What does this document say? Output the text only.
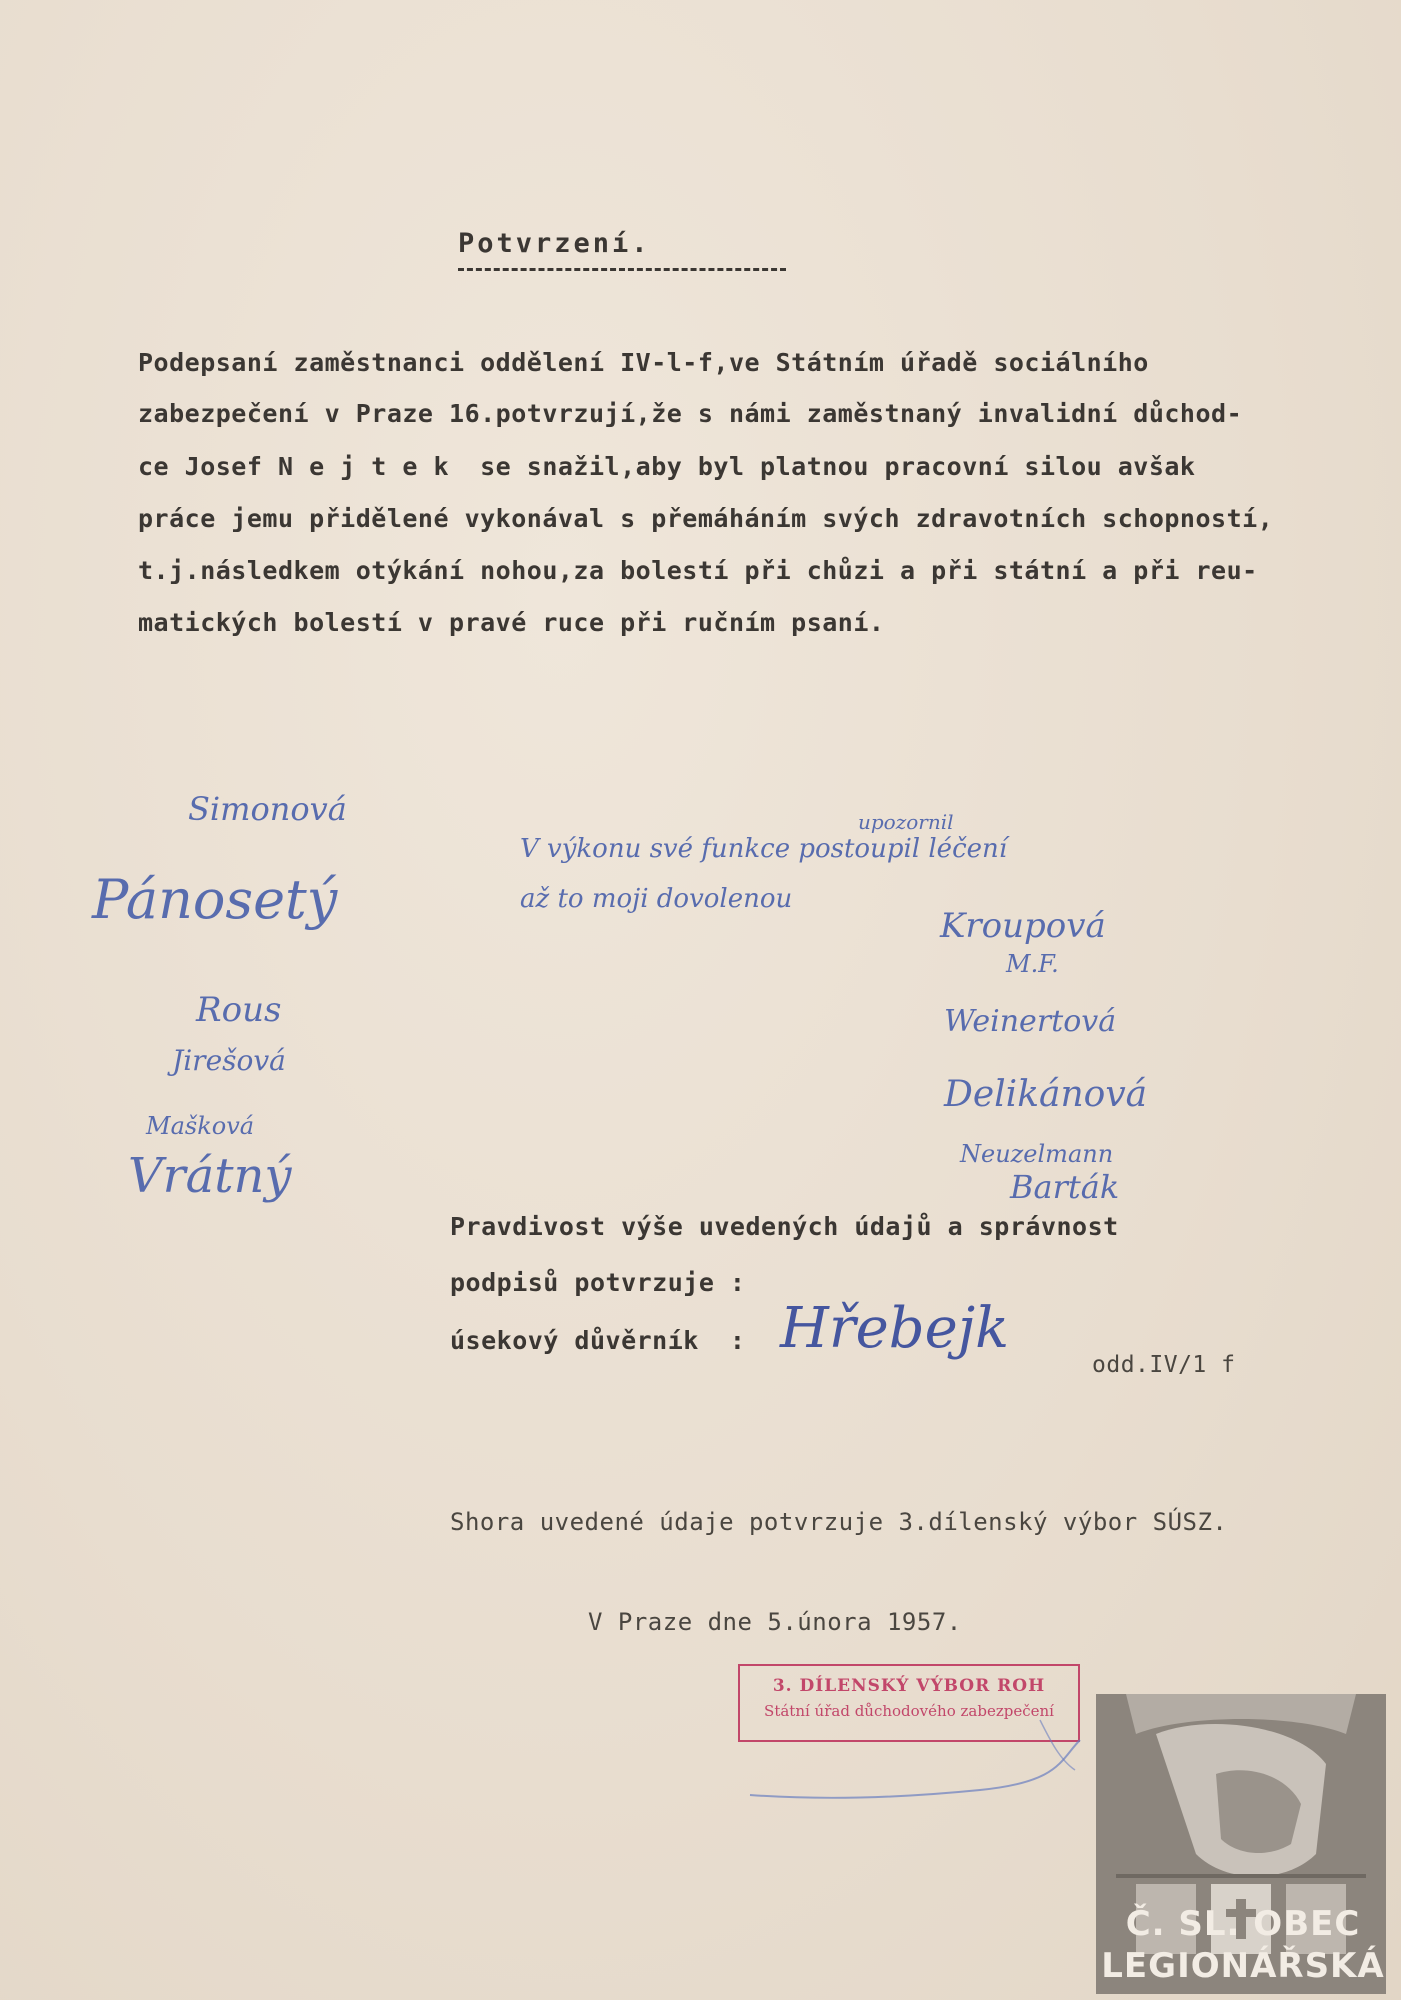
Potvrzení.
Podepsaní zaměstnanci oddělení IV-l-f,ve Státním úřadě sociálního
zabezpečení v Praze 16.potvrzují,že s námi zaměstnaný invalidní důchod-
ce Josef N e j t e k  se snažil,aby byl platnou pracovní silou avšak
práce jemu přidělené vykonával s přemáháním svých zdravotních schopností,
t.j.následkem otýkání nohou,za bolestí při chůzi a při státní a při reu-
matických bolestí v pravé ruce při ručním psaní.
Simonová
Pánosetý
Rous
Jirešová
Mašková
Vrátný
upozornil
V výkonu své funkce postoupil léčení
až to moji dovolenou
Kroupová
M.F.
Weinertová
Delikánová
Neuzelmann
Barták
Pravdivost výše uvedených údajů a správnost
podpisů potvrzuje :
úsekový důvěrník  : Hřebejk
odd.IV/1 f
Shora uvedené údaje potvrzuje 3.dílenský výbor SÚSZ.
V Praze dne 5.února 1957.
3. DÍLENSKÝ VÝBOR ROH
Státní úřad důchodového zabezpečení
Č. SL. OBEC
LEGIONÁŘSKÁ
